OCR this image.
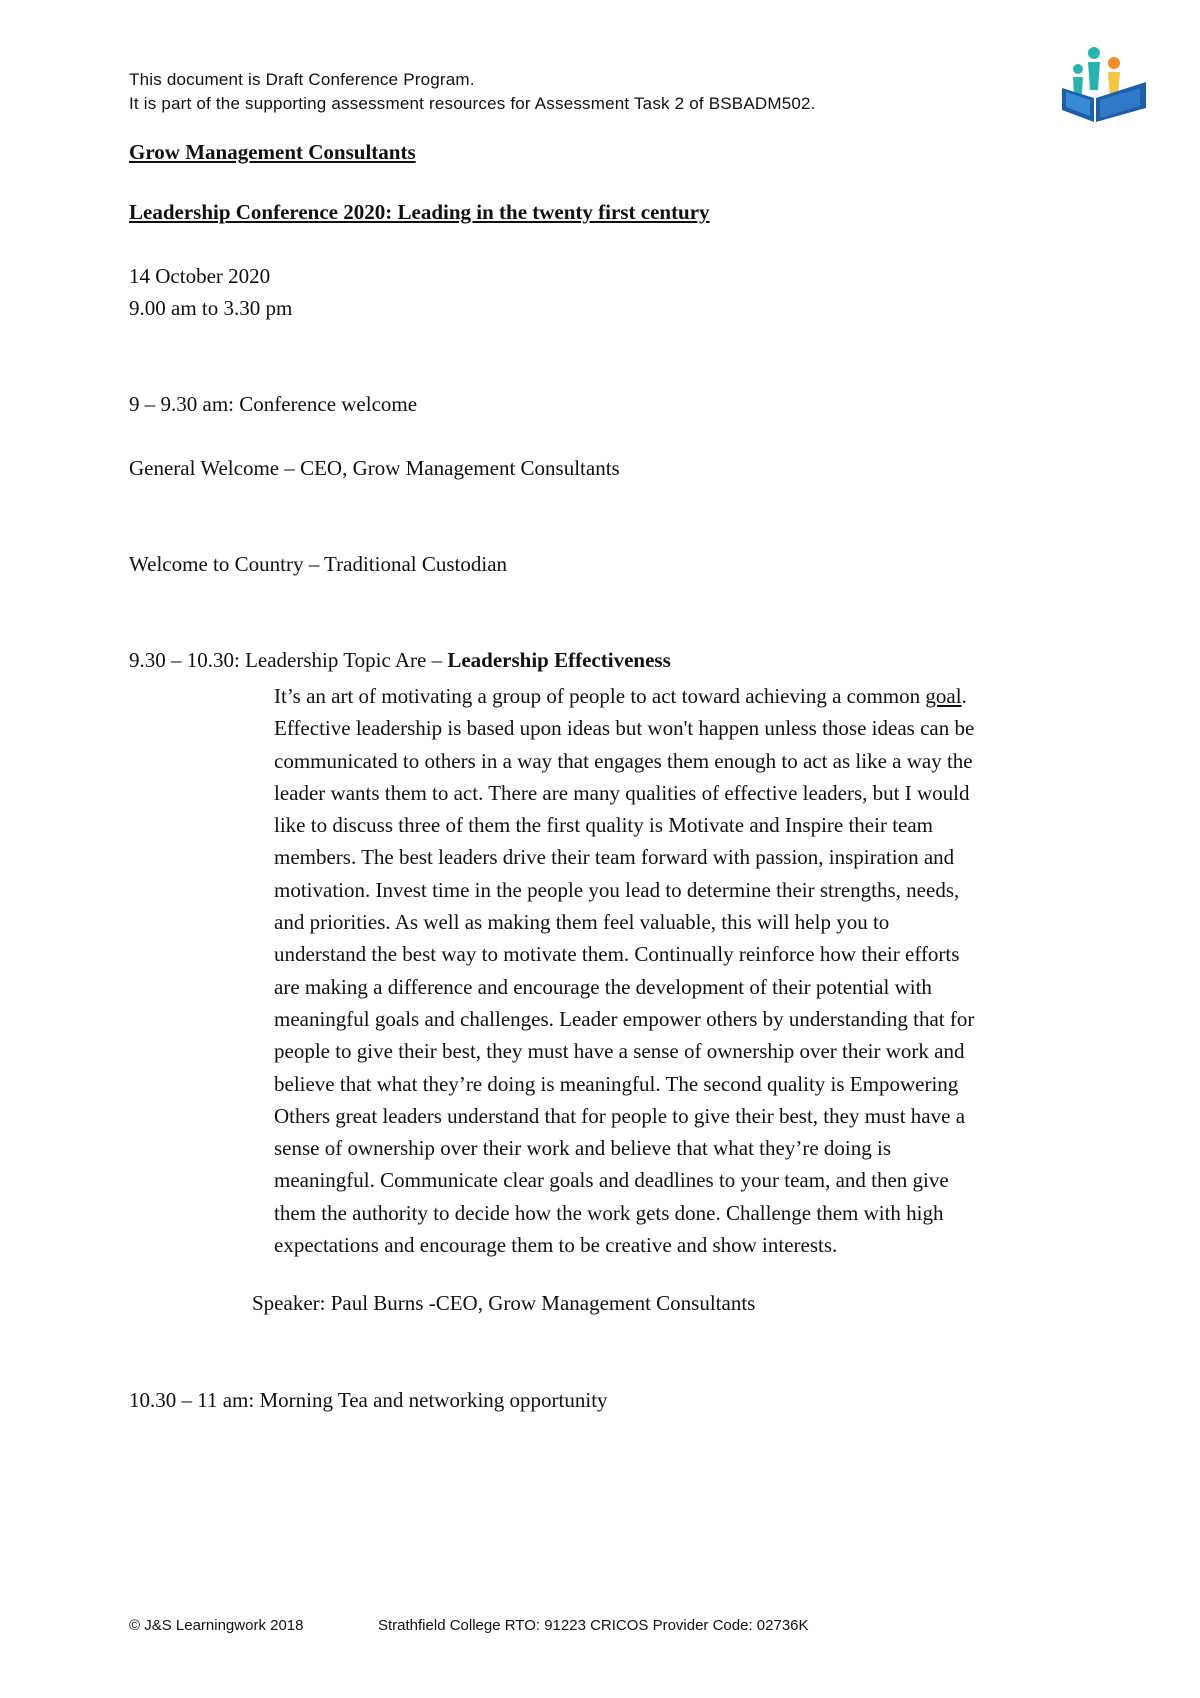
This document is Draft Conference Program.
It is part of the supporting assessment resources for Assessment Task 2 of BSBADM502.
Grow Management Consultants
Leadership Conference 2020: Leading in the twenty first century
14 October 2020
9.00 am to 3.30 pm
9 – 9.30 am: Conference welcome
General Welcome – CEO, Grow Management Consultants
Welcome to Country – Traditional Custodian
9.30 – 10.30: Leadership Topic Are – Leadership Effectiveness
It’s an art of motivating a group of people to act toward achieving a common goal.
Effective leadership is based upon ideas but won't happen unless those ideas can be
communicated to others in a way that engages them enough to act as like a way the
leader wants them to act. There are many qualities of effective leaders, but I would
like to discuss three of them the first quality is Motivate and Inspire their team
members. The best leaders drive their team forward with passion, inspiration and
motivation. Invest time in the people you lead to determine their strengths, needs,
and priorities. As well as making them feel valuable, this will help you to
understand the best way to motivate them. Continually reinforce how their efforts
are making a difference and encourage the development of their potential with
meaningful goals and challenges. Leader empower others by understanding that for
people to give their best, they must have a sense of ownership over their work and
believe that what they’re doing is meaningful. The second quality is Empowering
Others great leaders understand that for people to give their best, they must have a
sense of ownership over their work and believe that what they’re doing is
meaningful. Communicate clear goals and deadlines to your team, and then give
them the authority to decide how the work gets done. Challenge them with high
expectations and encourage them to be creative and show interests.
Speaker: Paul Burns -CEO, Grow Management Consultants
10.30 – 11 am: Morning Tea and networking opportunity
© J&S Learningwork 2018	Strathfield College RTO: 91223 CRICOS Provider Code: 02736K
